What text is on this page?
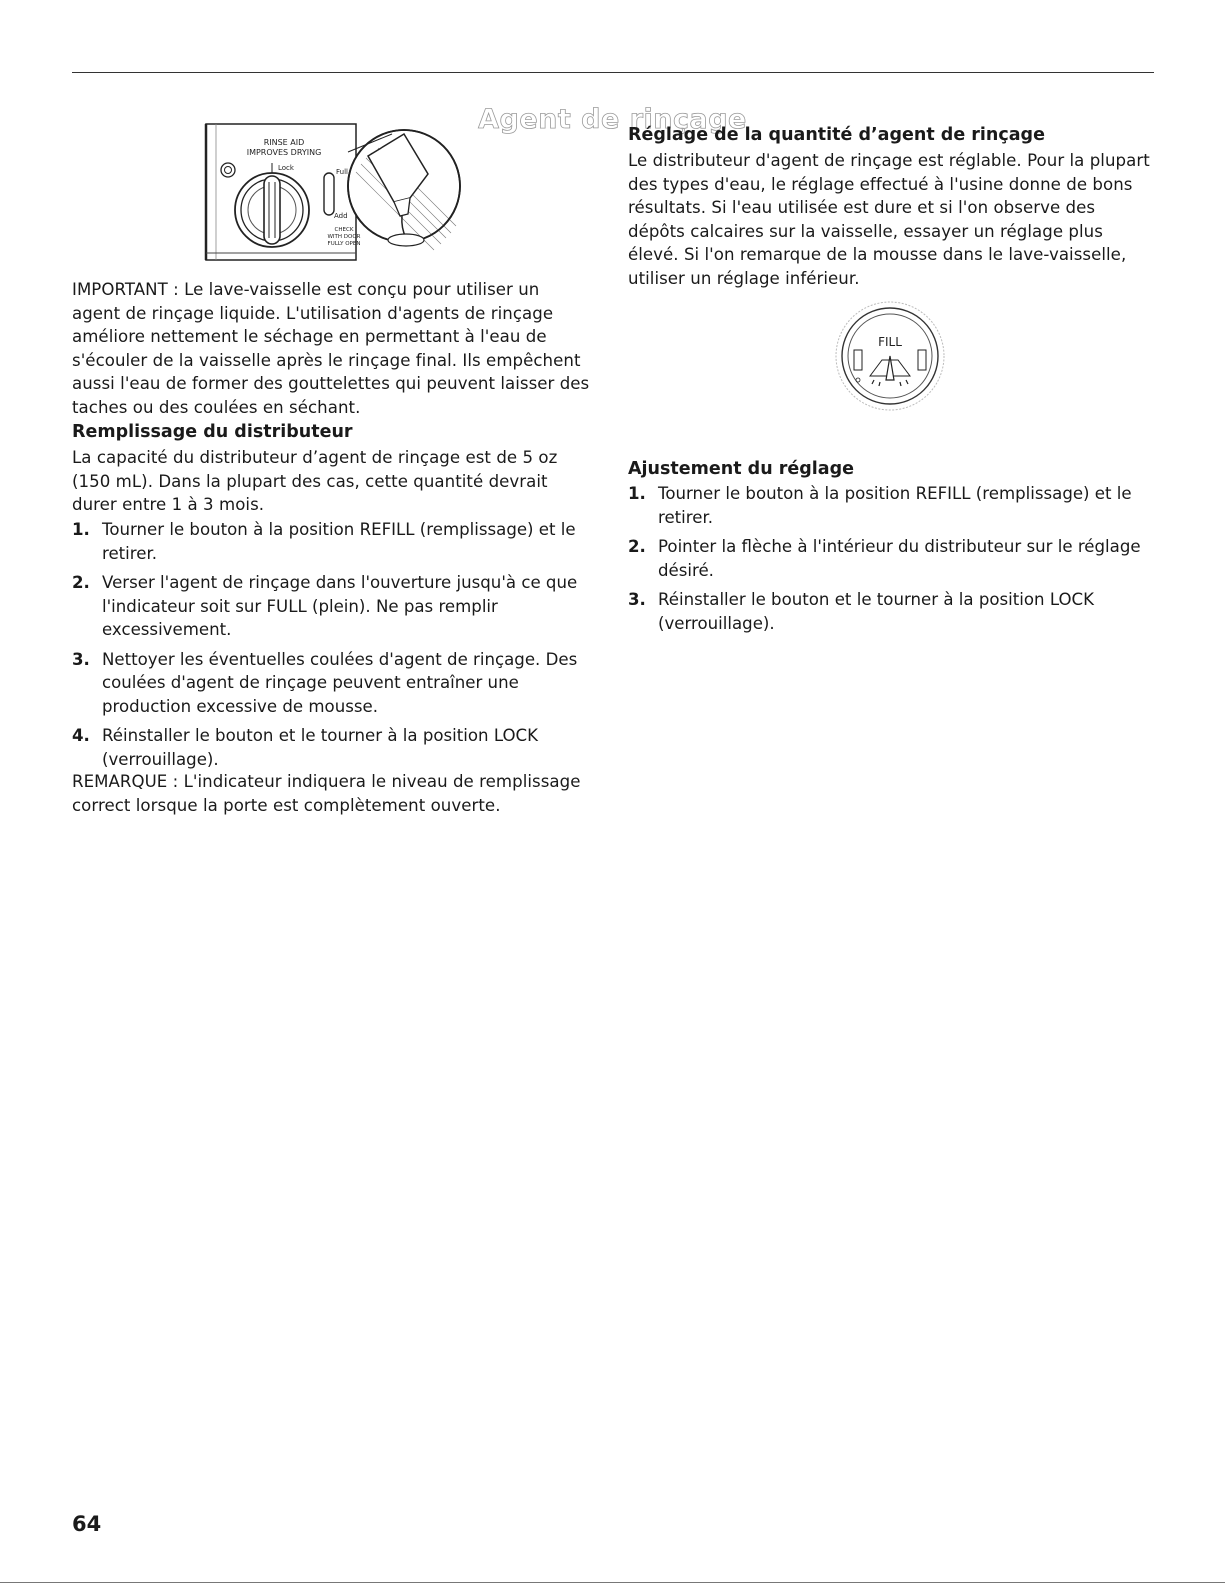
Agent de rinçage
RINSE AID
IMPROVES DRYING
Lock	Full
Add
CHECK
WITH DOOR
FULLY OPEN
FILL

IMPORTANT : Le lave-vaisselle est conçu pour utiliser un agent de rinçage liquide. L'utilisation d'agents de rinçage améliore nettement le séchage en permettant à l'eau de s'écouler de la vaisselle après le rinçage final. Ils empêchent aussi l'eau de former des gouttelettes qui peuvent laisser des taches ou des coulées en séchant.

Remplissage du distributeur

La capacité du distributeur d’agent de rinçage est de 5 oz (150 mL). Dans la plupart des cas, cette quantité devrait durer entre 1 à 3 mois.

1. Tourner le bouton à la position REFILL (remplissage) et le retirer.
2. Verser l'agent de rinçage dans l'ouverture jusqu'à ce que l'indicateur soit sur FULL (plein). Ne pas remplir excessivement.
3. Nettoyer les éventuelles coulées d'agent de rinçage. Des coulées d'agent de rinçage peuvent entraîner une production excessive de mousse.
4. Réinstaller le bouton et le tourner à la position LOCK (verrouillage).

REMARQUE : L'indicateur indiquera le niveau de remplissage correct lorsque la porte est complètement ouverte.

Réglage de la quantité d’agent de rinçage

Le distributeur d'agent de rinçage est réglable. Pour la plupart des types d'eau, le réglage effectué à l'usine donne de bons résultats. Si l'eau utilisée est dure et si l'on observe des dépôts calcaires sur la vaisselle, essayer un réglage plus élevé. Si l'on remarque de la mousse dans le lave-vaisselle, utiliser un réglage inférieur.

Ajustement du réglage
1. Tourner le bouton à la position REFILL (remplissage) et le retirer.
2. Pointer la flèche à l'intérieur du distributeur sur le réglage désiré.
3. Réinstaller le bouton et le tourner à la position LOCK (verrouillage).
64
